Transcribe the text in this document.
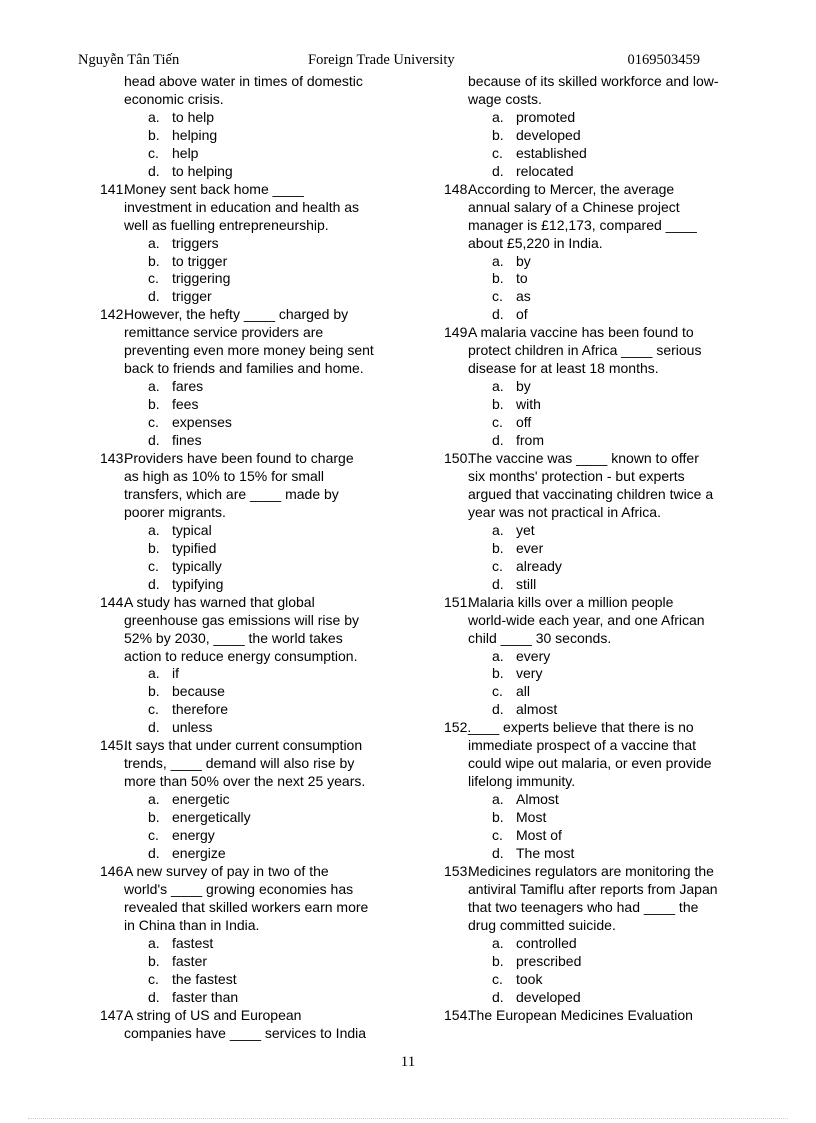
Nguyễn Tân Tiến	Foreign Trade University	0169503459
head above water in times of domestic
economic crisis.
a. to help
b. helping
c. help
d. to helping
141.
Money sent back home ____
investment in education and health as
well as fuelling entrepreneurship.
a. triggers
b. to trigger
c. triggering
d. trigger
142.
However, the hefty ____ charged by
remittance service providers are
preventing even more money being sent
back to friends and families and home.
a. fares
b. fees
c. expenses
d. fines
143.
Providers have been found to charge
as high as 10% to 15% for small
transfers, which are ____ made by
poorer migrants.
a. typical
b. typified
c. typically
d. typifying
144.
A study has warned that global
greenhouse gas emissions will rise by
52% by 2030, ____ the world takes
action to reduce energy consumption.
a. if
b. because
c. therefore
d. unless
145.
It says that under current consumption
trends, ____ demand will also rise by
more than 50% over the next 25 years.
a. energetic
b. energetically
c. energy
d. energize
146.
A new survey of pay in two of the
world's ____ growing economies has
revealed that skilled workers earn more
in China than in India.
a. fastest
b. faster
c. the fastest
d. faster than
147.
A string of US and European
companies have ____ services to India
because of its skilled workforce and low-
wage costs.
a. promoted
b. developed
c. established
d. relocated
148.
According to Mercer, the average
annual salary of a Chinese project
manager is £12,173, compared ____
about £5,220 in India.
a. by
b. to
c. as
d. of
149.
A malaria vaccine has been found to
protect children in Africa ____ serious
disease for at least 18 months.
a. by
b. with
c. off
d. from
150.
The vaccine was ____ known to offer
six months' protection - but experts
argued that vaccinating children twice a
year was not practical in Africa.
a. yet
b. ever
c. already
d. still
151.
Malaria kills over a million people
world-wide each year, and one African
child ____ 30 seconds.
a. every
b. very
c. all
d. almost
152.
____ experts believe that there is no
immediate prospect of a vaccine that
could wipe out malaria, or even provide
lifelong immunity.
a. Almost
b. Most
c. Most of
d. The most
153.
Medicines regulators are monitoring the
antiviral Tamiflu after reports from Japan
that two teenagers who had ____ the
drug committed suicide.
a. controlled
b. prescribed
c. took
d. developed
154.
The European Medicines Evaluation
11
